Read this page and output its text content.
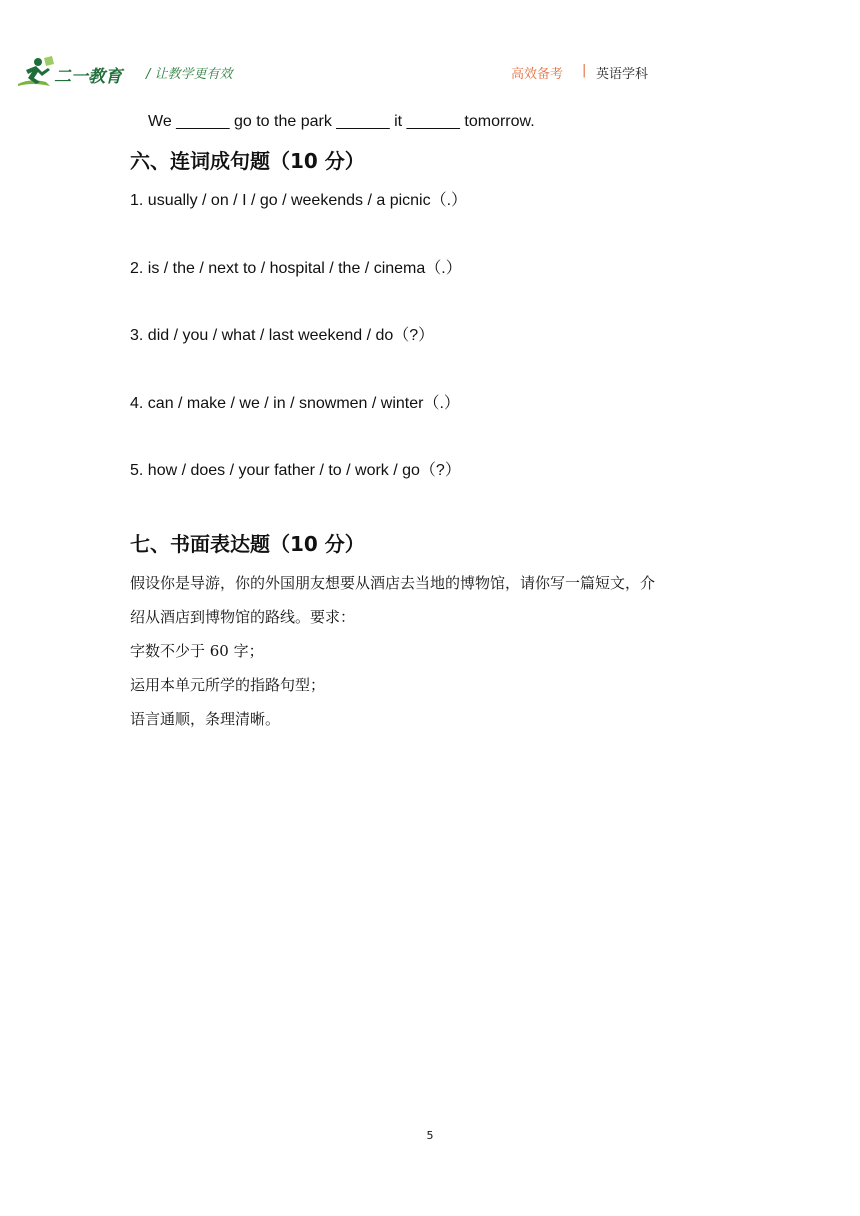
二一教育 / 让教学更有效	高效备考 | 英语学科
We ______ go to the park ______ it ______ tomorrow.
六、连词成句题（10 分）
1. usually / on / I / go / weekends / a picnic（.）
2. is / the / next to / hospital / the / cinema（.）
3. did / you / what / last weekend / do（?）
4. can / make / we / in / snowmen / winter（.）
5. how / does / your father / to / work / go（?）
七、书面表达题（10 分）
假设你是导游，你的外国朋友想要从酒店去当地的博物馆，请你写一篇短文，介
绍从酒店到博物馆的路线。要求：
字数不少于 60 字；
运用本单元所学的指路句型；
语言通顺，条理清晰。
5
